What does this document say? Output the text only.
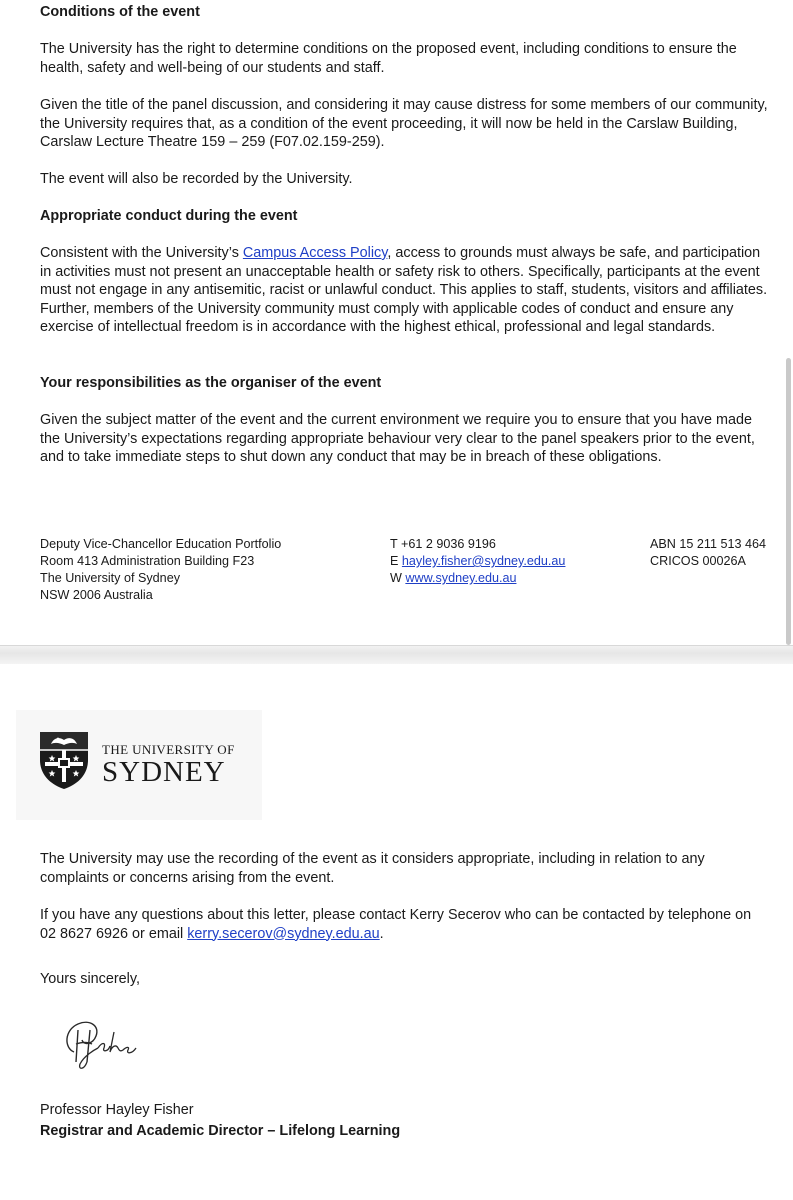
Conditions of the event
The University has the right to determine conditions on the proposed event, including conditions to ensure the health, safety and well-being of our students and staff.
Given the title of the panel discussion, and considering it may cause distress for some members of our community, the University requires that, as a condition of the event proceeding, it will now be held in the Carslaw Building, Carslaw Lecture Theatre 159 – 259 (F07.02.159-259).
The event will also be recorded by the University.
Appropriate conduct during the event
Consistent with the University’s Campus Access Policy, access to grounds must always be safe, and participation in activities must not present an unacceptable health or safety risk to others. Specifically, participants at the event must not engage in any antisemitic, racist or unlawful conduct. This applies to staff, students, visitors and affiliates. Further, members of the University community must comply with applicable codes of conduct and ensure any exercise of intellectual freedom is in accordance with the highest ethical, professional and legal standards.
Your responsibilities as the organiser of the event
Given the subject matter of the event and the current environment we require you to ensure that you have made the University’s expectations regarding appropriate behaviour very clear to the panel speakers prior to the event, and to take immediate steps to shut down any conduct that may be in breach of these obligations.
Deputy Vice-Chancellor Education Portfolio
Room 413 Administration Building F23
The University of Sydney
NSW 2006 Australia
T +61 2 9036 9196
E hayley.fisher@sydney.edu.au
W www.sydney.edu.au
ABN 15 211 513 464
CRICOS 00026A
THE UNIVERSITY OF
SYDNEY
The University may use the recording of the event as it considers appropriate, including in relation to any complaints or concerns arising from the event.
If you have any questions about this letter, please contact Kerry Secerov who can be contacted by telephone on 02 8627 6926 or email kerry.secerov@sydney.edu.au.
Yours sincerely,
Professor Hayley Fisher
Registrar and Academic Director – Lifelong Learning
